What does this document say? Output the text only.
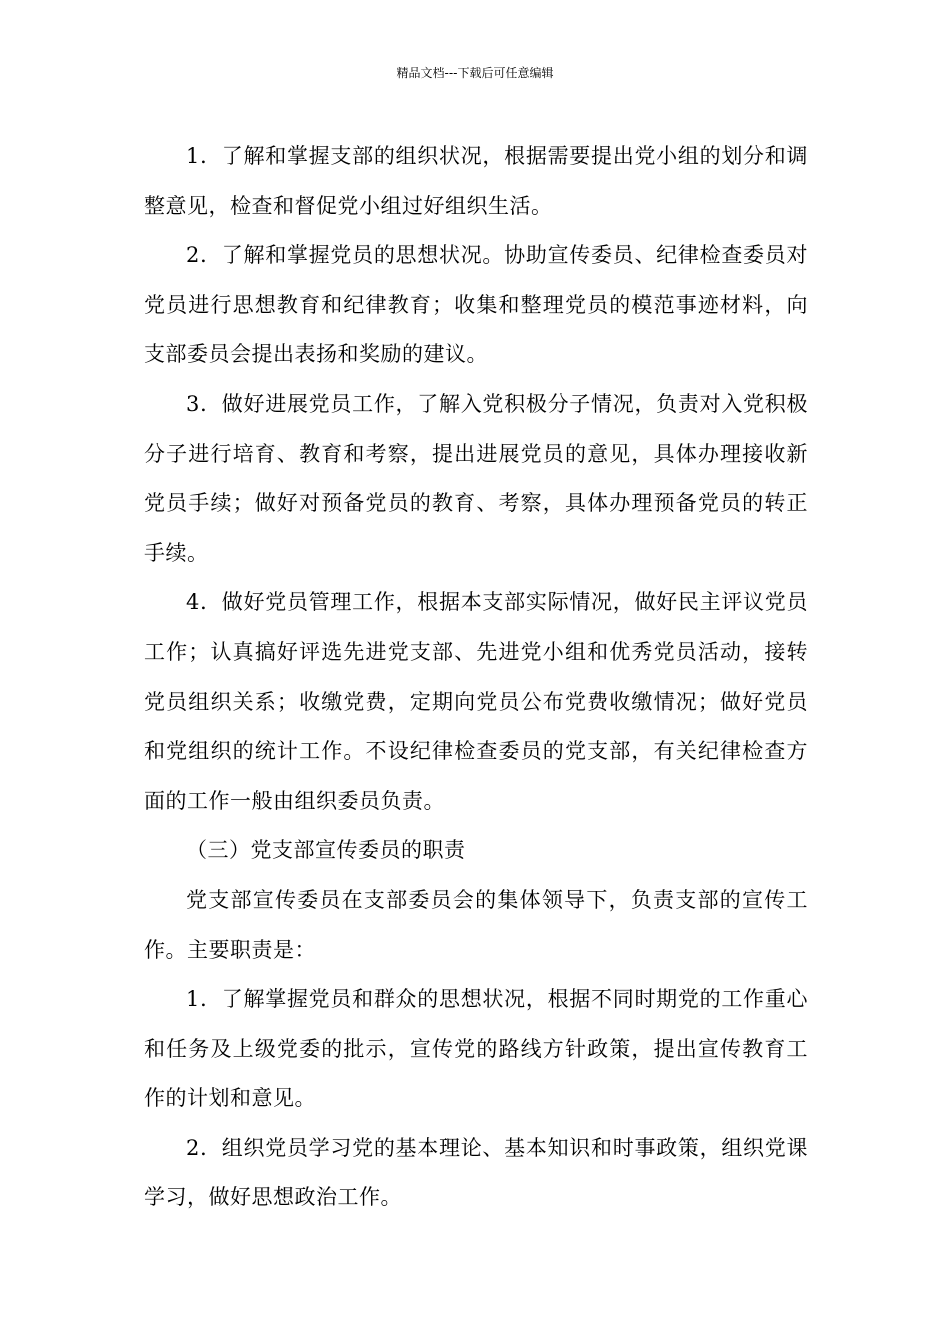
精品文档---下载后可任意编辑

1．了解和掌握支部的组织状况，根据需要提出党小组的划分和调整意见，检查和督促党小组过好组织生活。

2．了解和掌握党员的思想状况。协助宣传委员、纪律检查委员对党员进行思想教育和纪律教育；收集和整理党员的模范事迹材料，向支部委员会提出表扬和奖励的建议。

3．做好进展党员工作，了解入党积极分子情况，负责对入党积极分子进行培育、教育和考察，提出进展党员的意见，具体办理接收新党员手续；做好对预备党员的教育、考察，具体办理预备党员的转正手续。

4．做好党员管理工作，根据本支部实际情况，做好民主评议党员工作；认真搞好评选先进党支部、先进党小组和优秀党员活动，接转党员组织关系；收缴党费，定期向党员公布党费收缴情况；做好党员和党组织的统计工作。不设纪律检查委员的党支部，有关纪律检查方面的工作一般由组织委员负责。

（三）党支部宣传委员的职责

党支部宣传委员在支部委员会的集体领导下，负责支部的宣传工作。主要职责是：

1．了解掌握党员和群众的思想状况，根据不同时期党的工作重心和任务及上级党委的批示，宣传党的路线方针政策，提出宣传教育工作的计划和意见。

2．组织党员学习党的基本理论、基本知识和时事政策，组织党课学习，做好思想政治工作。
